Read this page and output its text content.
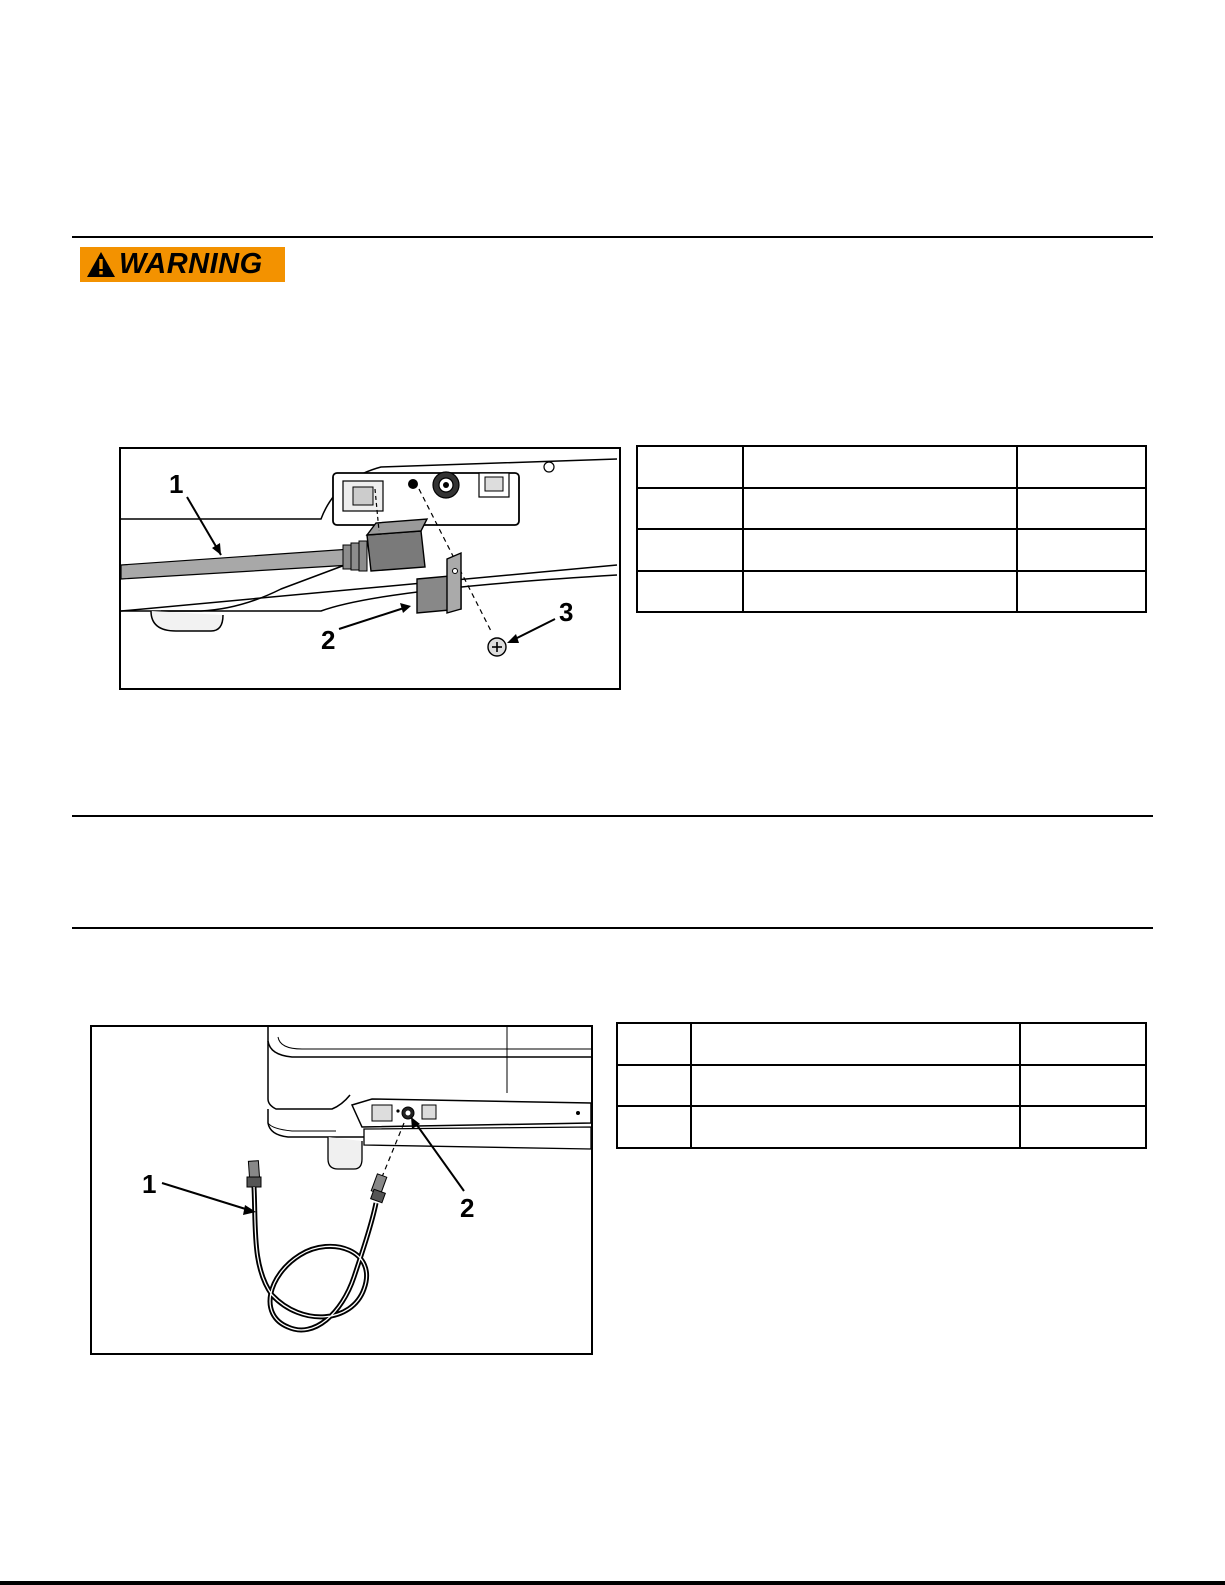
WARNING
1
2
3

1
2
